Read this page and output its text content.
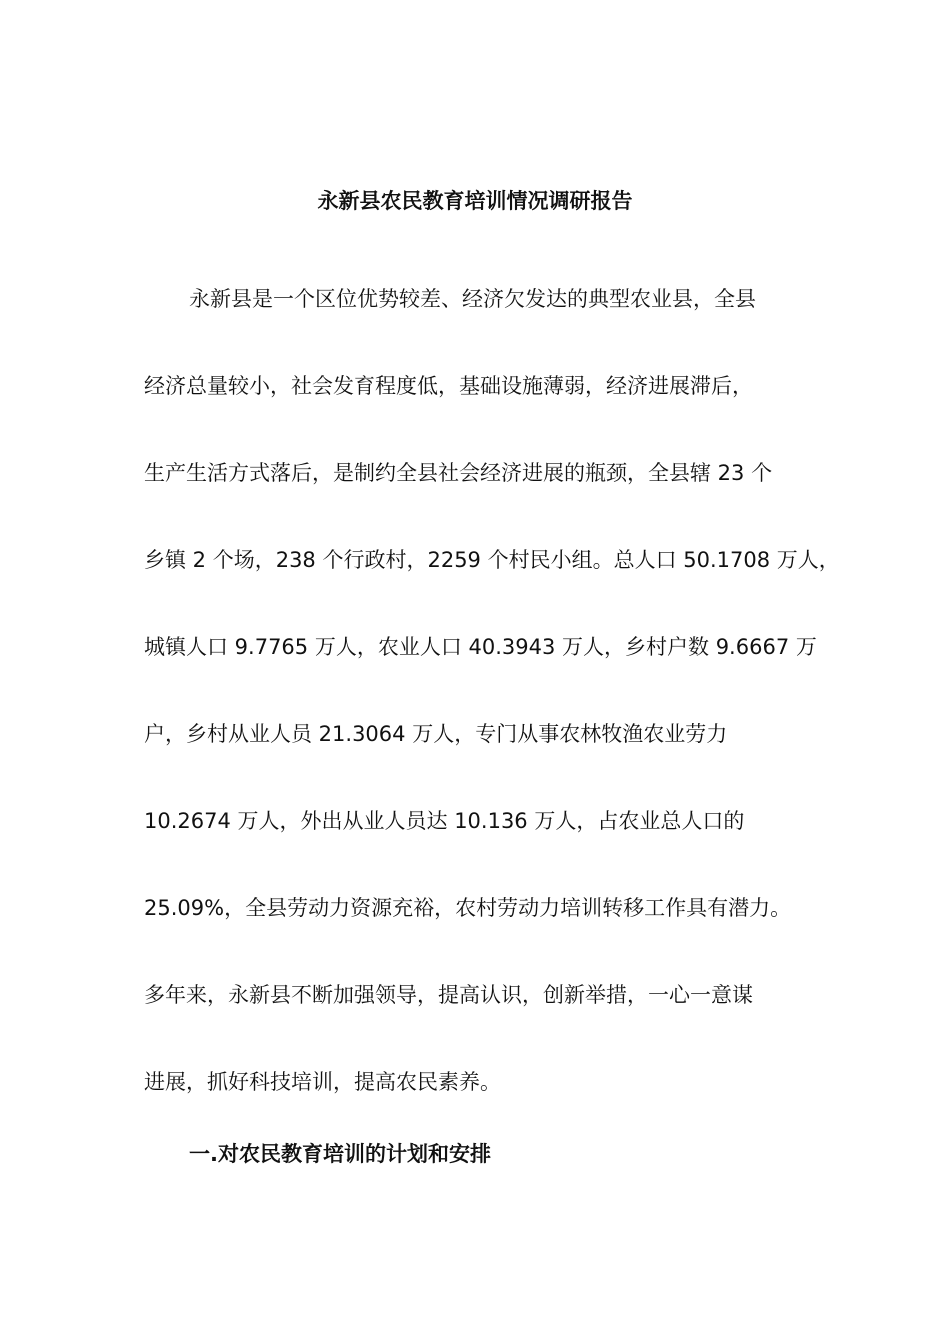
永新县农民教育培训情况调研报告
永新县是一个区位优势较差、经济欠发达的典型农业县，全县
经济总量较小，社会发育程度低，基础设施薄弱，经济进展滞后，
生产生活方式落后，是制约全县社会经济进展的瓶颈，全县辖 23 个
乡镇 2 个场，238 个行政村，2259 个村民小组。总人口 50.1708 万人，
城镇人口 9.7765 万人，农业人口 40.3943 万人，乡村户数 9.6667 万
户，乡村从业人员 21.3064 万人，专门从事农林牧渔农业劳力
10.2674 万人，外出从业人员达 10.136 万人，占农业总人口的
25.09%，全县劳动力资源充裕，农村劳动力培训转移工作具有潜力。
多年来，永新县不断加强领导，提高认识，创新举措，一心一意谋
进展，抓好科技培训，提高农民素养。
一.对农民教育培训的计划和安排
